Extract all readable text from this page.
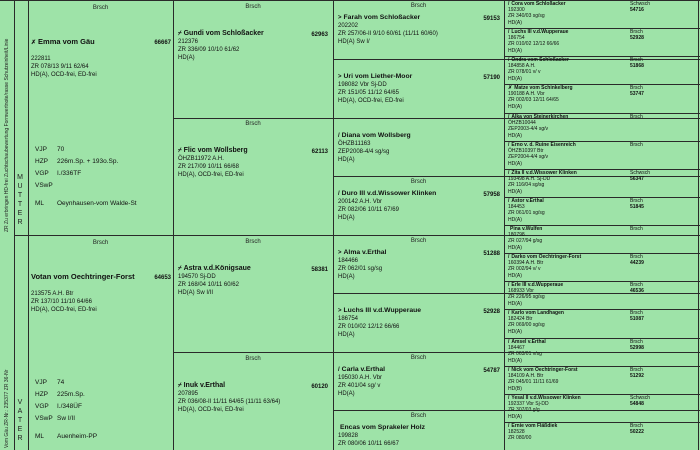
ZR Zu erbringen HD-frei Zuchtschaubewertung Formwertnote/rasse Schutzeinheit/Linie
Vom Gäu ZR-Nr.: 235377 ZR 36-Nr
M
U
T
T
E
R
V
A
T
E
R
Brsch
✗ Emma vom Gäu	66667
222811
ZR 078/13 9/11 62/64
HD(A), OCD-frei, ED-frei
VJP 70
HZP 226m.Sp. + 193o.Sp.
VGP I./336TF
VSwP
ML Oeynhausen-vom Walde-St
Brsch
Votan vom Oechtringer-Forst	64653
213575 A.H. Btr
ZR 137/10 11/10 64/66
HD(A), OCD-frei, ED-frei
VJP 74
HZP 225m.Sp.
VGP I./348ÜF
VSwP Sw I/II
ML Auenheim-PP
Brsch
⌿ Gundi vom Schloßacker	62963
212376
ZR 336/09 10/10 61/62
HD(A)
Brsch
⌿ Flic vom Wollsberg	62113
ÖHZB11972 A.H.
ZR 217/09 10/11 66/68
HD(A), OCD-frei, ED-frei
Brsch
⌿ Astra v.d.Königsaue	58381
194570 Sj-DD
ZR 168/04 10/11 60/62
HD(A) Sw I/II
Brsch
⌿ Inuk v.Erthal	60120
207895
ZR 036/08-II 11/11 64/65 (11/11 63/64)
HD(A), OCD-frei, ED-frei
Brsch
> Farah vom Schloßacker	59153
202202
ZR 257/06-II 9/10 60/61 (11/11 60/60)
HD(A) Sw I/
> Uri vom Liether-Moor	57190
198082 Vbr Sj-DD
ZR 151/05 11/12 64/65
HD(A), OCD-frei, ED-frei
/ Diana vom Wollsberg
ÖHZB11163
ZEP2008-4/4 sg/sg
HD(A)
Brsch
/ Duro III v.d.Wissower Klinken	57958
200142 A.H. Vbr
ZR 082/06 10/11 67/69
HD(A)
Brsch
> Alma v.Erthal	51288
184466
ZR 062/01 sg/sg
HD(A)
> Luchs III v.d.Wupperaue	52928
186754
ZR 010/02 12/12 66/66
HD(A)
Brsch
/ Carla v.Erthal	54787
195030 A.H. Vbr
ZR 401/04 sg/ v
HD(A)
Brsch
Encas vom Sprakeler Holz
199828
ZR 080/06 10/11 66/67
/ Cora vom Schloßacker	Schwsch
192300
ZR 340/03 sg/sg
HD(A)
54716
/ Luchs III v.d.Wupperaue	Brsch
186754
ZR 010/02 12/12 66/66
HD(A)
52928
/ Ondra vom Schloßacker	Brsch
184858 A.H.
ZR 078/01 v/ v
HD(A)
51868
✗ Matze vom Schinkelberg	Brsch
190188 A.H. Vbr
ZR 002/03 12/11 64/65
HD(A)
53747
/ Alka von Steinerkirchen	Brsch
ÖHZB10044
ZEP2003-4/4 sg/v
HD(A)
/ Erno v. d. Ruine Eisenreich	Brsch
ÖHZB10397 Btr
ZEP2004-4/4 sg/v
HD(A)
/ Zita II v.d.Wissower Klinken	Schwsch
193498 A.H. Sj-DD
ZR 116/04 sg/sg
HD(A)
56347
/ Astor v.Erthal	Brsch
184453
ZR 061/01 sg/sg
HD(A)
51845
Pina v.Wulfen	Brsch
180798
ZR 027/94 g/sg
HD(A)
/ Darko vom Oechtringer-Forst	Brsch
160394 A.H. Btr
ZR 002/94 v/ v
HD(A)
44239
/ Erle III v.d.Wupperaue	Brsch
168933 Vbr
ZR 226/95 sg/sg
HD(A)
46536
/ Karlo vom Landhagen	Brsch
182424 Btr
ZR 069/00 sg/sg
HD(A)
51087
/ Amsel v.Erthal	Brsch
184467
ZR 063/01 v/sg
HD(A)
52998
/ Nick vom Oechtringer-Forst	Brsch
184109 A.H. Btr
ZR 045/01 11/11 61/69
HD(B)
51292
/ Yesal II v.d.Wissower Klinken	Schwsch
192337 Vbr Sj-DD
ZR 307/03 g/g
HD(A)
54848
/ Ernie vom Fläßdiek	Brsch
182528
ZR 080/00
50222
